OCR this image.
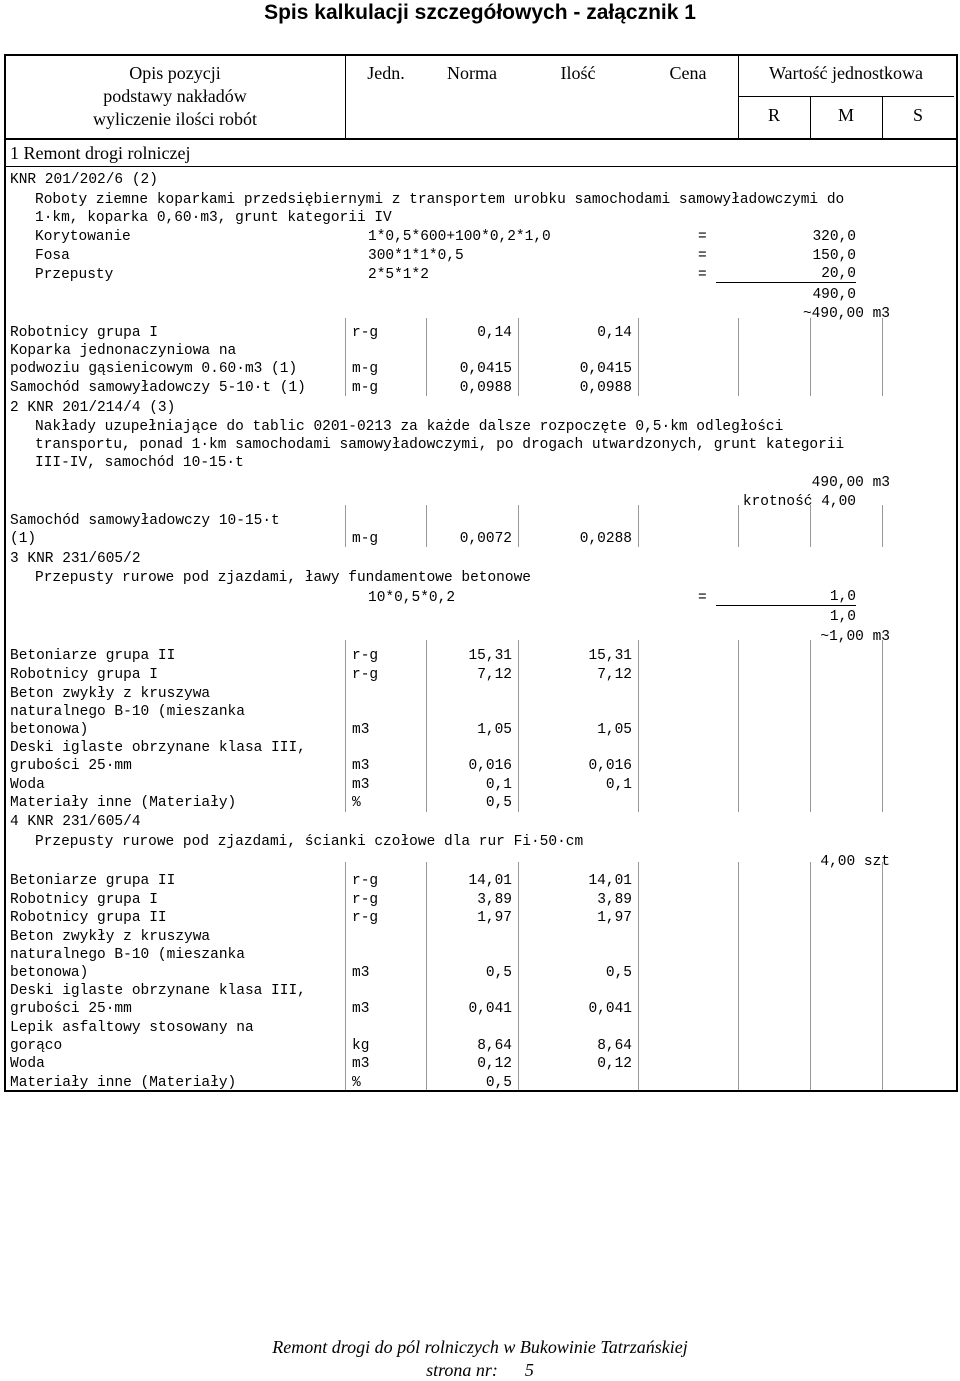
Spis kalkulacji szczegółowych - załącznik 1
Opis pozycji
podstawy nakładów
wyliczenie ilości robót
Jedn.	Norma	Ilość	Cena	Wartość jednostkowa
R	M	S
1 Remont drogi rolniczej
KNR 201/202/6 (2)
Roboty ziemne koparkami przedsiębiernymi z transportem urobku samochodami samowyładowczymi do
1·km, koparka 0,60·m3, grunt kategorii IV
Korytowanie	1*0,5*600+100*0,2*1,0	=	320,0
Fosa	300*1*1*0,5	=	150,0
Przepusty	2*5*1*2	=	20,0
490,0
~490,00 m3
Robotnicy grupa I	r-g	0,14	0,14
Koparka jednonaczyniowa na
podwoziu gąsienicowym 0.60·m3 (1)	m-g	0,0415	0,0415
Samochód samowyładowczy 5-10·t (1)	m-g	0,0988	0,0988
2 KNR 201/214/4 (3)
Nakłady uzupełniające do tablic 0201-0213 za każde dalsze rozpoczęte 0,5·km odległości
transportu, ponad 1·km samochodami samowyładowczymi, po drogach utwardzonych, grunt kategorii
III-IV, samochód 10-15·t
490,00 m3
krotność 4,00
Samochód samowyładowczy 10-15·t
(1)	m-g	0,0072	0,0288
3 KNR 231/605/2
Przepusty rurowe pod zjazdami, ławy fundamentowe betonowe
10*0,5*0,2	=	1,0
1,0
~1,00 m3
Betoniarze grupa II	r-g	15,31	15,31
Robotnicy grupa I	r-g	7,12	7,12
Beton zwykły z kruszywa
naturalnego B-10 (mieszanka
betonowa)	m3	1,05	1,05
Deski iglaste obrzynane klasa III,
grubości 25·mm	m3	0,016	0,016
Woda	m3	0,1	0,1
Materiały inne (Materiały)	%	0,5
4 KNR 231/605/4
Przepusty rurowe pod zjazdami, ścianki czołowe dla rur Fi·50·cm
4,00 szt
Betoniarze grupa II	r-g	14,01	14,01
Robotnicy grupa I	r-g	3,89	3,89
Robotnicy grupa II	r-g	1,97	1,97
Beton zwykły z kruszywa
naturalnego B-10 (mieszanka
betonowa)	m3	0,5	0,5
Deski iglaste obrzynane klasa III,
grubości 25·mm	m3	0,041	0,041
Lepik asfaltowy stosowany na
gorąco	kg	8,64	8,64
Woda	m3	0,12	0,12
Materiały inne (Materiały)	%	0,5
Remont drogi do pól rolniczych w Bukowinie Tatrzańskiej
strona nr:      5
